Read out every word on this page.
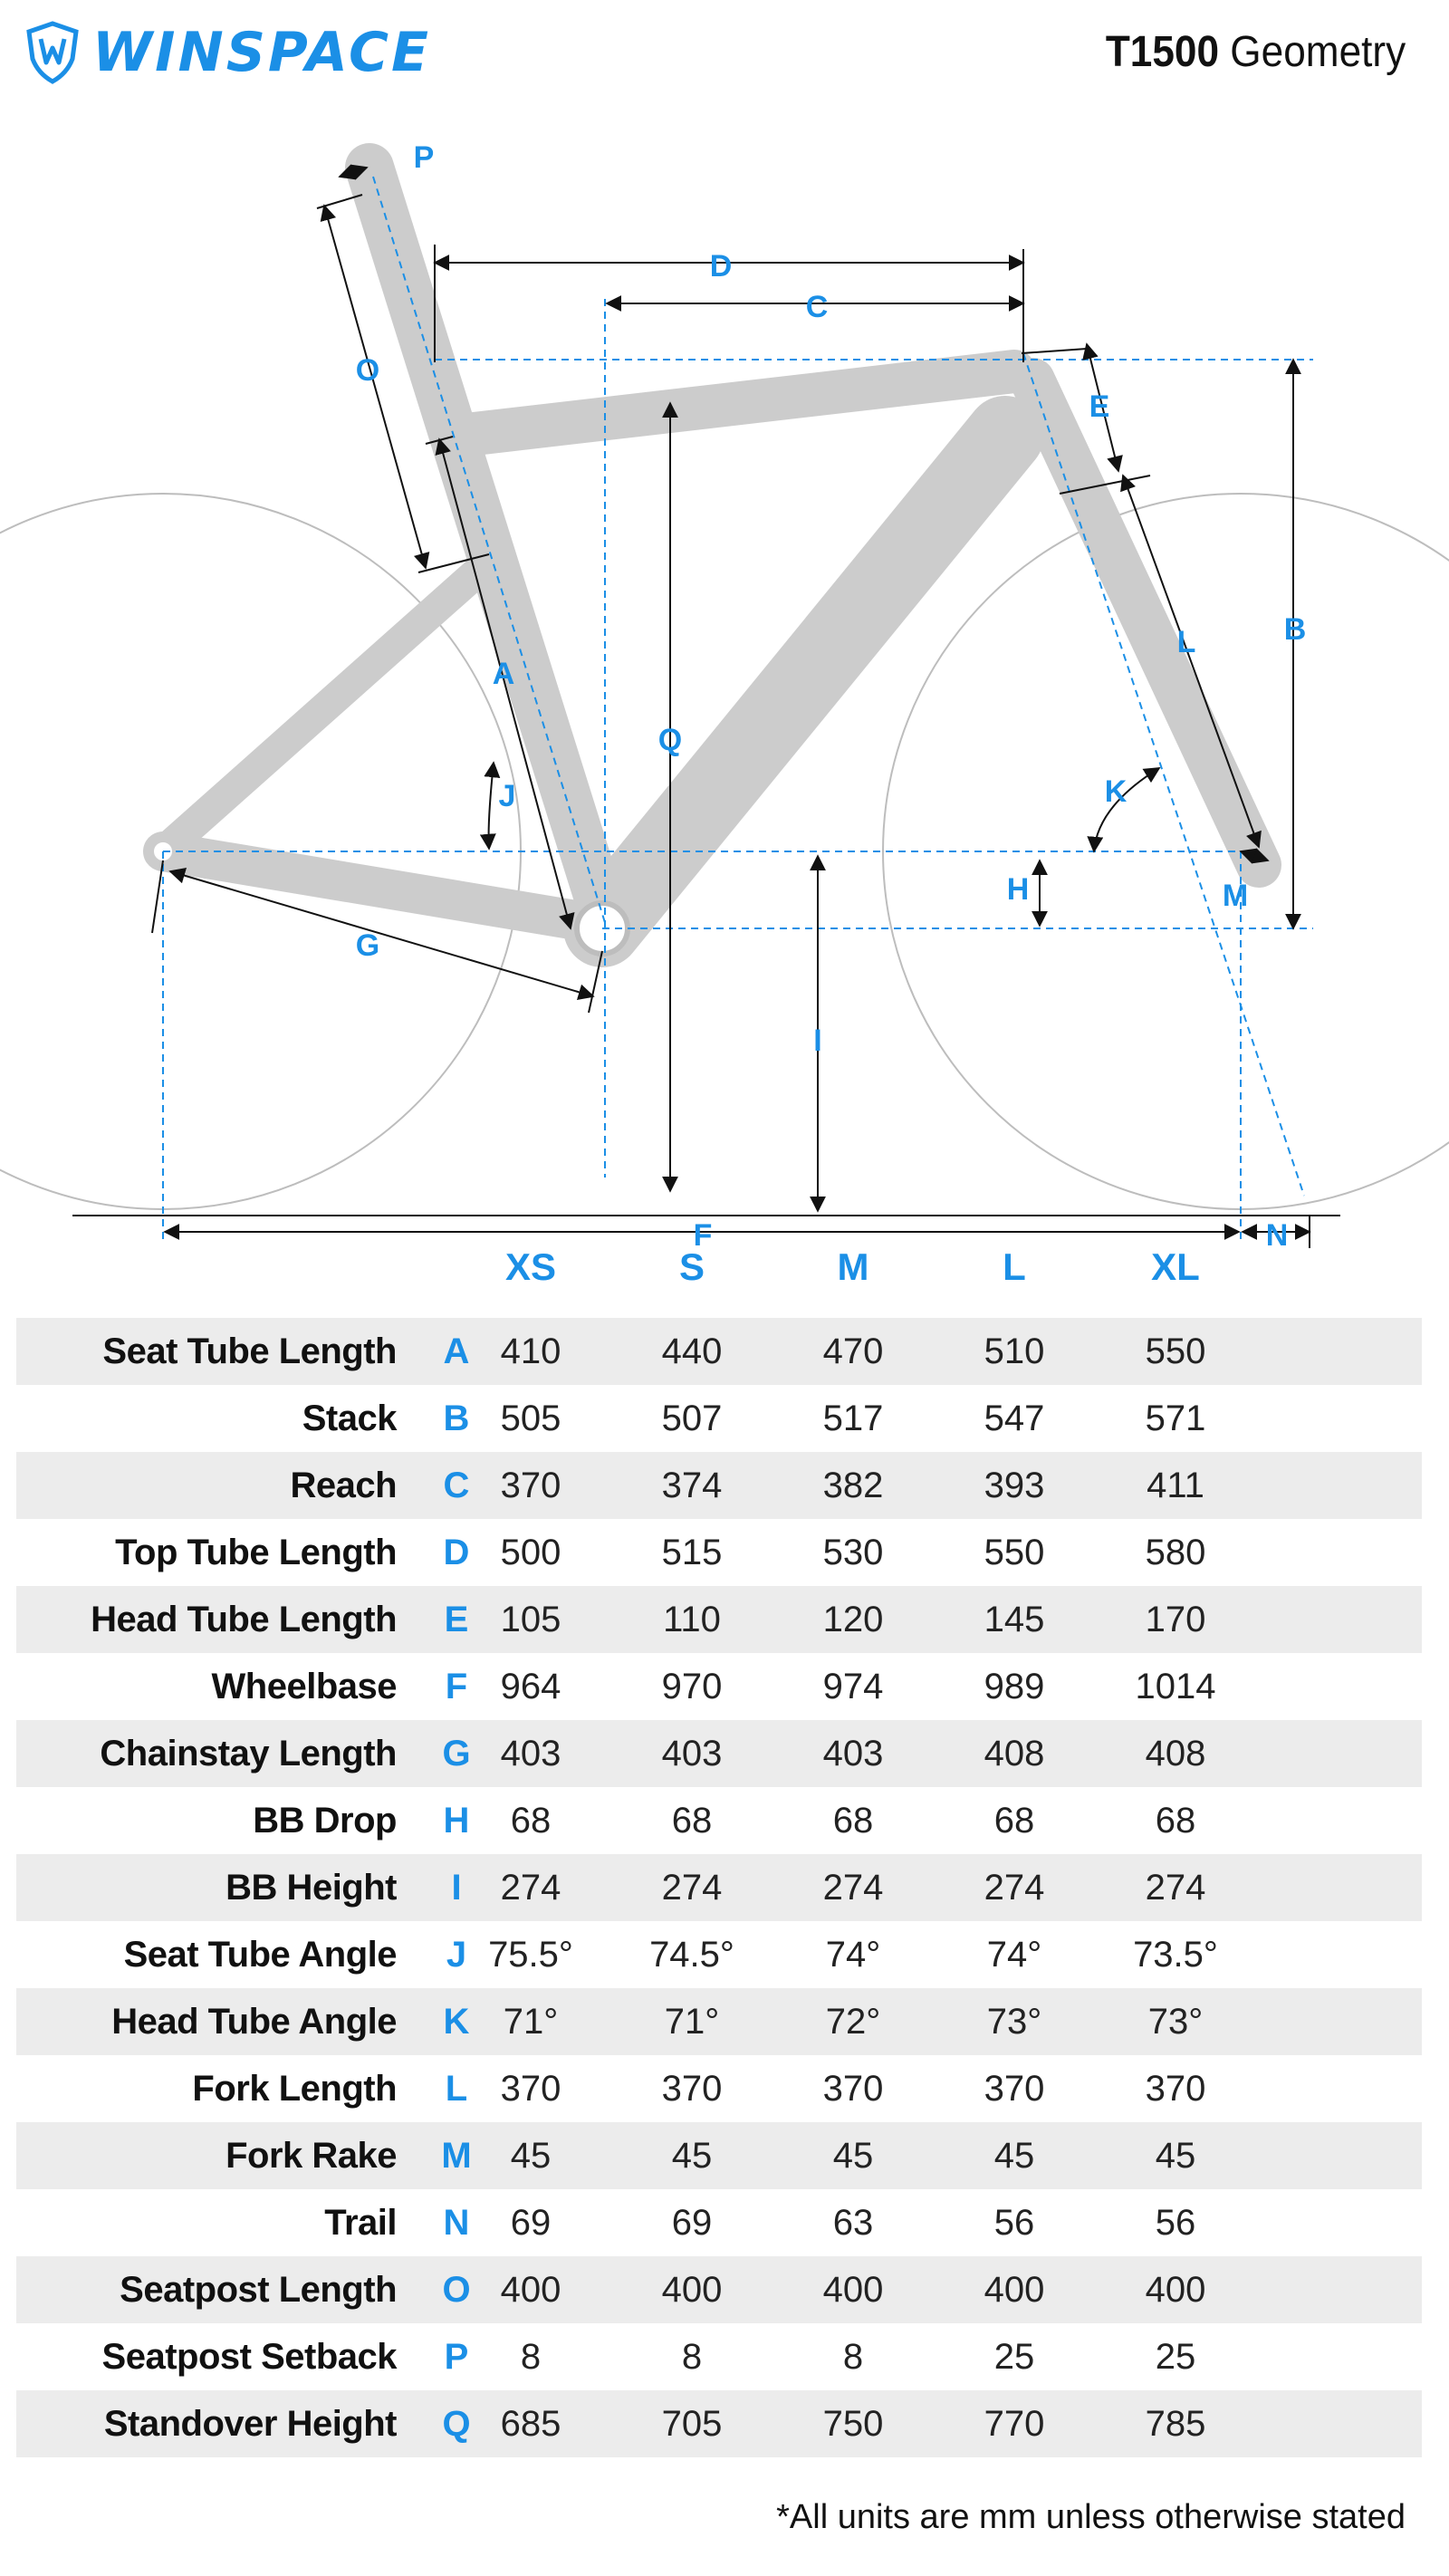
WINSPACE	T1500 Geometry
A
B
C
D
E
F
G
H
I
J	K
L
M
N
O
P
Q
XS	S	M	L	XL
Seat Tube Length	A 410	440	470	510	550
Stack	B 505	507	517	547	571
Reach	C 370	374	382	393	411
Top Tube Length	D 500	515	530	550	580
Head Tube Length	E 105	110	120	145	170
Wheelbase	F 964	970	974	989	1014
Chainstay Length	G 403	403	403	408	408
BB Drop	H	68	68	68	68	68
BB Height	I	274	274	274	274	274
Seat Tube Angle	J 75.5°	74.5°	74°	74°	73.5°
Head Tube Angle	K 71°	71°	72°	73°	73°
Fork Length	L 370	370	370	370	370
Fork Rake	M	45	45	45	45	45
Trail	N	69	69	63	56	56
Seatpost Length	O 400	400	400	400	400
Seatpost Setback	P	8	8	8	25	25
Standover Height	Q 685	705	750	770	785
*All units are mm unless otherwise stated
